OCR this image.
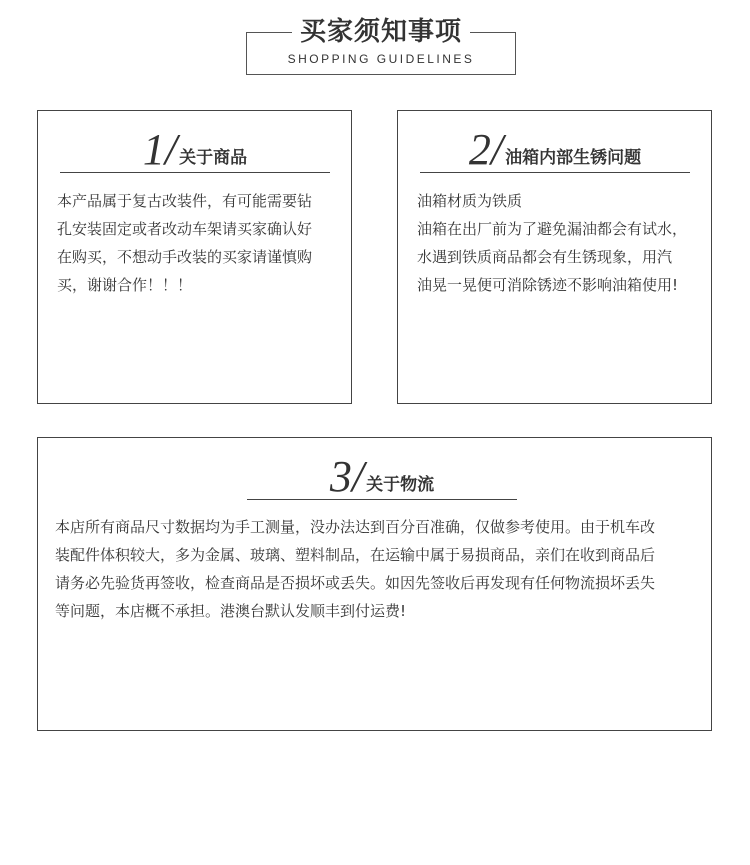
买家须知事项
SHOPPING GUIDELINES
1/ 关于商品
本产品属于复古改装件，有可能需要钻
孔安装固定或者改动车架请买家确认好
在购买，不想动手改装的买家请谨慎购
买，谢谢合作！！！
2/ 油箱内部生锈问题
油箱材质为铁质
油箱在出厂前为了避免漏油都会有试水，
水遇到铁质商品都会有生锈现象，用汽
油晃一晃便可消除锈迹不影响油箱使用!
3/ 关于物流
本店所有商品尺寸数据均为手工测量，没办法达到百分百准确，仅做参考使用。由于机车改
装配件体积较大，多为金属、玻璃、塑料制品，在运输中属于易损商品，亲们在收到商品后
请务必先验货再签收，检查商品是否损坏或丢失。如因先签收后再发现有任何物流损坏丢失
等问题，本店概不承担。港澳台默认发顺丰到付运费!
